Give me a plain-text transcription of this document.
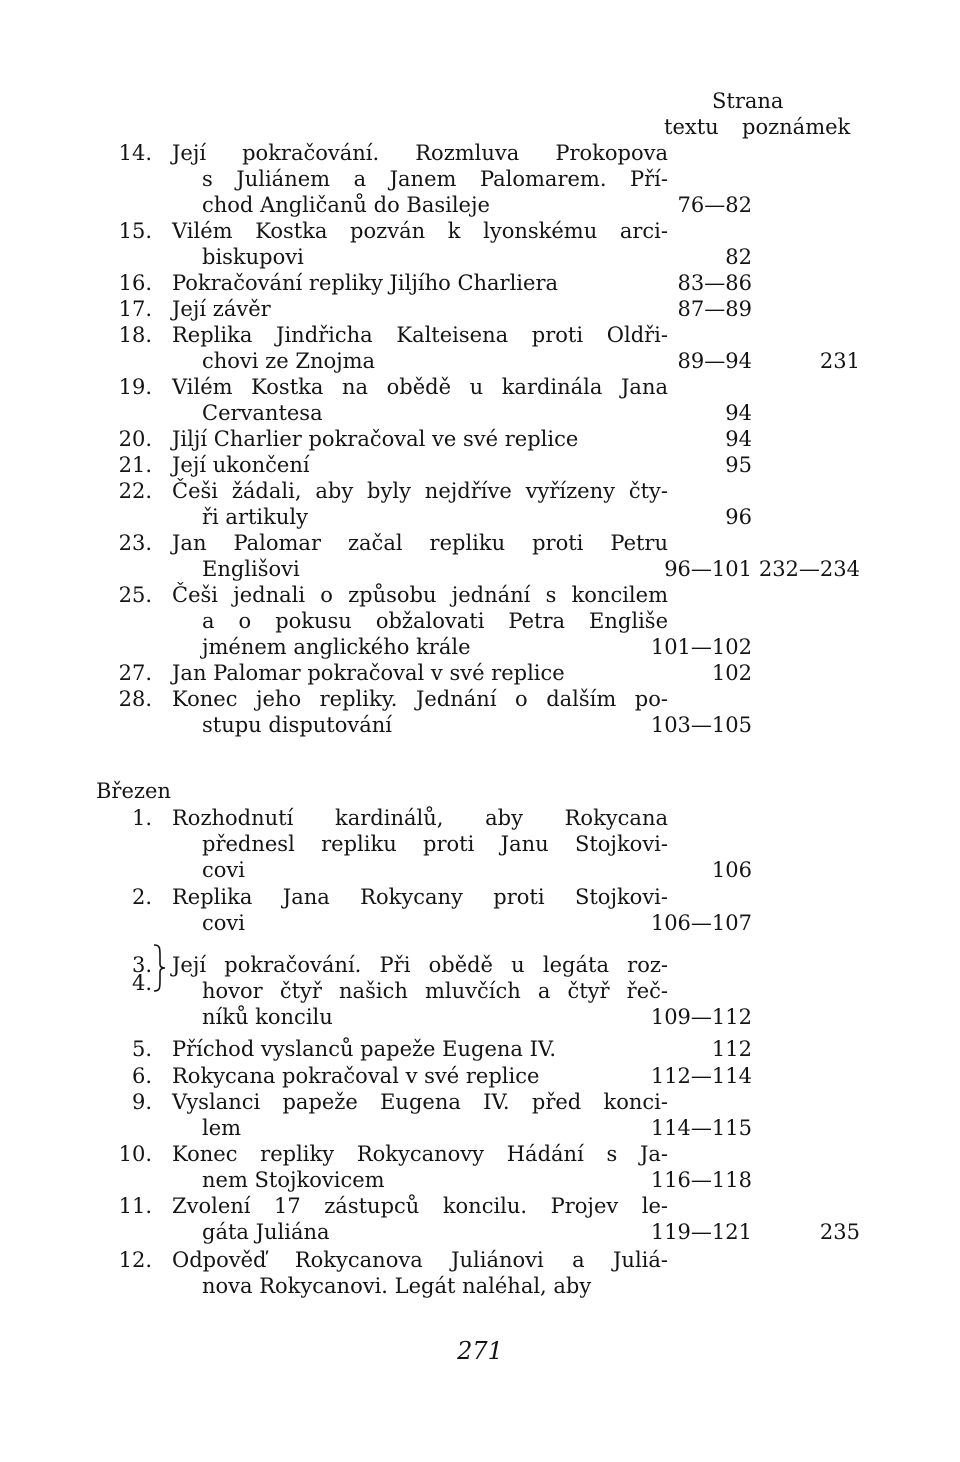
Strana
textu poznámek
14. Její pokračování. Rozmluva Prokopova
s Juliánem a Janem Palomarem. Pří-
chod Angličanů do Basileje	76—82
15. Vilém Kostka pozván k lyonskému arci-
biskupovi	82
16. Pokračování repliky Jiljího Charliera	83—86
17. Její závěr	87—89
18. Replika Jindřicha Kalteisena proti Oldři-
chovi ze Znojma	89—94	231
19. Vilém Kostka na obědě u kardinála Jana
Cervantesa	94
20. Jiljí Charlier pokračoval ve své replice	94
21. Její ukončení	95
22. Češi žádali, aby byly nejdříve vyřízeny čty-
ři artikuly	96
23. Jan Palomar začal repliku proti Petru
Englišovi	96—101 232—234
25. Češi jednali o způsobu jednání s koncilem
a o pokusu obžalovati Petra Engliše
jménem anglického krále	101—102
27. Jan Palomar pokračoval v své replice	102
28. Konec jeho repliky. Jednání o dalším po-
stupu disputování	103—105
Březen
1. Rozhodnutí kardinálů, aby Rokycana
přednesl repliku proti Janu Stojkovi-
covi	106
2. Replika Jana Rokycany proti Stojkovi-
covi	106—107
3. Její pokračování. Při obědě u legáta roz-
4. hovor čtyř našich mluvčích a čtyř řeč-
níků koncilu	109—112
5. Příchod vyslanců papeže Eugena IV.	112
6. Rokycana pokračoval v své replice	112—114
9. Vyslanci papeže Eugena IV. před konci-
lem	114—115
10. Konec repliky Rokycanovy Hádání s Ja-
nem Stojkovicem	116—118
11. Zvolení 17 zástupců koncilu. Projev le-
gáta Juliána	119—121	235
12. Odpověď Rokycanova Juliánovi a Juliá-
nova Rokycanovi. Legát naléhal, aby
271
